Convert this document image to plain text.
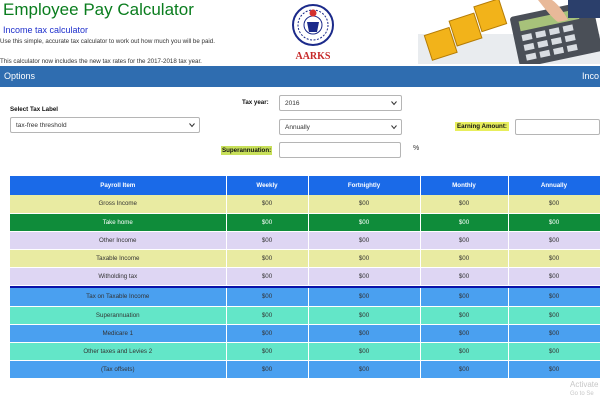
Employee Pay Calculator
Income tax calculator
Use this simple, accurate tax calculator to work out how much you will be paid.
This calculator now includes the new tax rates for the 2017-2018 tax year.	AARKS
Options	Inco
Select Tax Label
tax-free threshold
Tax year:	2016
Annually	Earning Amount:
Superannuation:	%
Payroll Item	Weekly	Fortnightly	Monthly	Annually
Gross Income	$00	$00	$00	$00
Take home	$00	$00	$00	$00
Other Income	$00	$00	$00	$00
Taxable Income	$00	$00	$00	$00
Witholding tax	$00	$00	$00	$00

Tax on Taxable Income	$00	$00	$00	$00
Superannuation	$00	$00	$00	$00
Medicare 1	$00	$00	$00	$00
Other taxes and Levies 2	$00	$00	$00	$00
(Tax offsets)	$00	$00	$00	$00
Activate
Go to Se
